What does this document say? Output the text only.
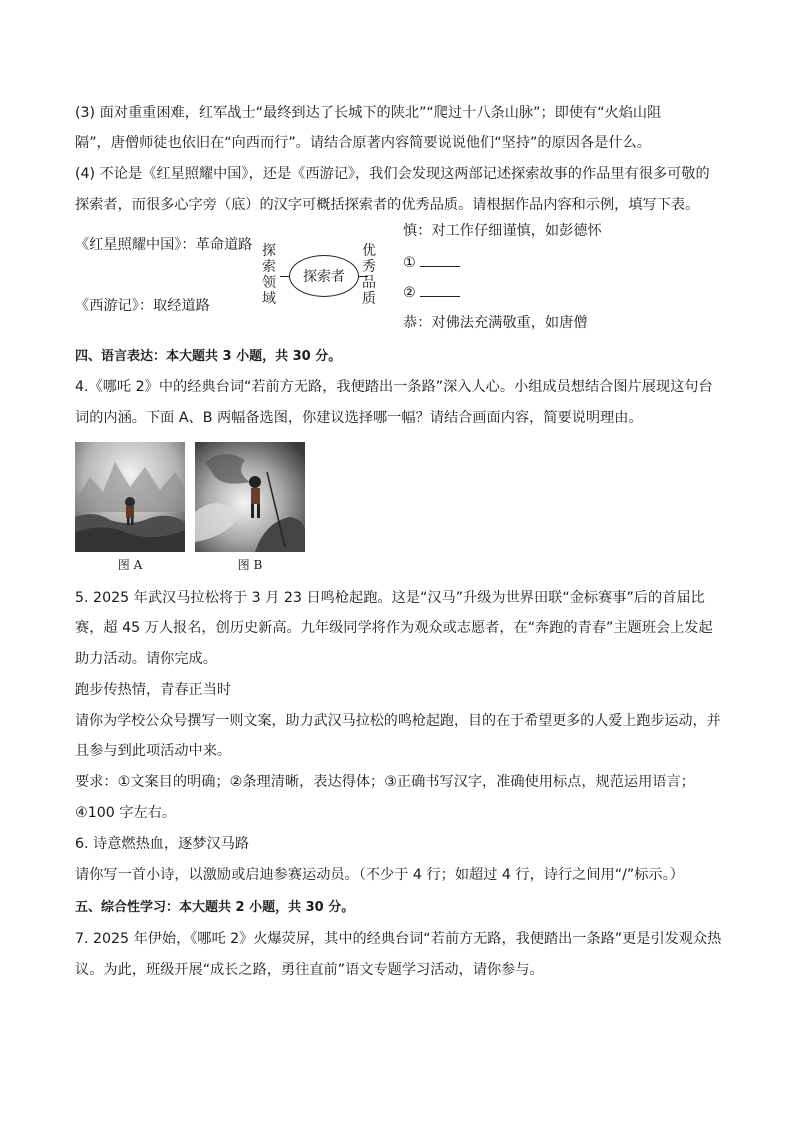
(3) 面对重重困难，红军战士“最终到达了长城下的陕北”“爬过十八条山脉”；即使有“火焰山阻
隔”，唐僧师徒也依旧在“向西而行”。请结合原著内容简要说说他们“坚持”的原因各是什么。
(4) 不论是《红星照耀中国》，还是《西游记》，我们会发现这两部记述探索故事的作品里有很多可敬的
探索者，而很多心字旁（底）的汉字可概括探索者的优秀品质。请根据作品内容和示例，填写下表。
《红星照耀中国》：革命道路
《西游记》：取经道路
探索领域
探索者
优秀品质
慎：对工作仔细谨慎，如彭德怀
①
②
恭：对佛法充满敬重，如唐僧
四、语言表达：本大题共 3 小题，共 30 分。
4.《哪吒 2》中的经典台词“若前方无路，我便踏出一条路”深入人心。小组成员想结合图片展现这句台
词的内涵。下面 A、B 两幅备选图，你建议选择哪一幅？请结合画面内容，简要说明理由。
图 A	图 B
5. 2025 年武汉马拉松将于 3 月 23 日鸣枪起跑。这是“汉马”升级为世界田联“金标赛事”后的首届比
赛，超 45 万人报名，创历史新高。九年级同学将作为观众或志愿者，在“奔跑的青春”主题班会上发起
助力活动。请你完成。
跑步传热情，青春正当时
请你为学校公众号撰写一则文案，助力武汉马拉松的鸣枪起跑，目的在于希望更多的人爱上跑步运动，并
且参与到此项活动中来。
要求：①文案目的明确；②条理清晰，表达得体；③正确书写汉字，准确使用标点，规范运用语言；
④100 字左右。
6. 诗意燃热血，逐梦汉马路
请你写一首小诗，以激励或启迪参赛运动员。（不少于 4 行；如超过 4 行，诗行之间用“/”标示。）
五、综合性学习：本大题共 2 小题，共 30 分。
7. 2025 年伊始，《哪吒 2》火爆荧屏，其中的经典台词“若前方无路，我便踏出一条路”更是引发观众热
议。为此，班级开展“成长之路，勇往直前”语文专题学习活动，请你参与。
